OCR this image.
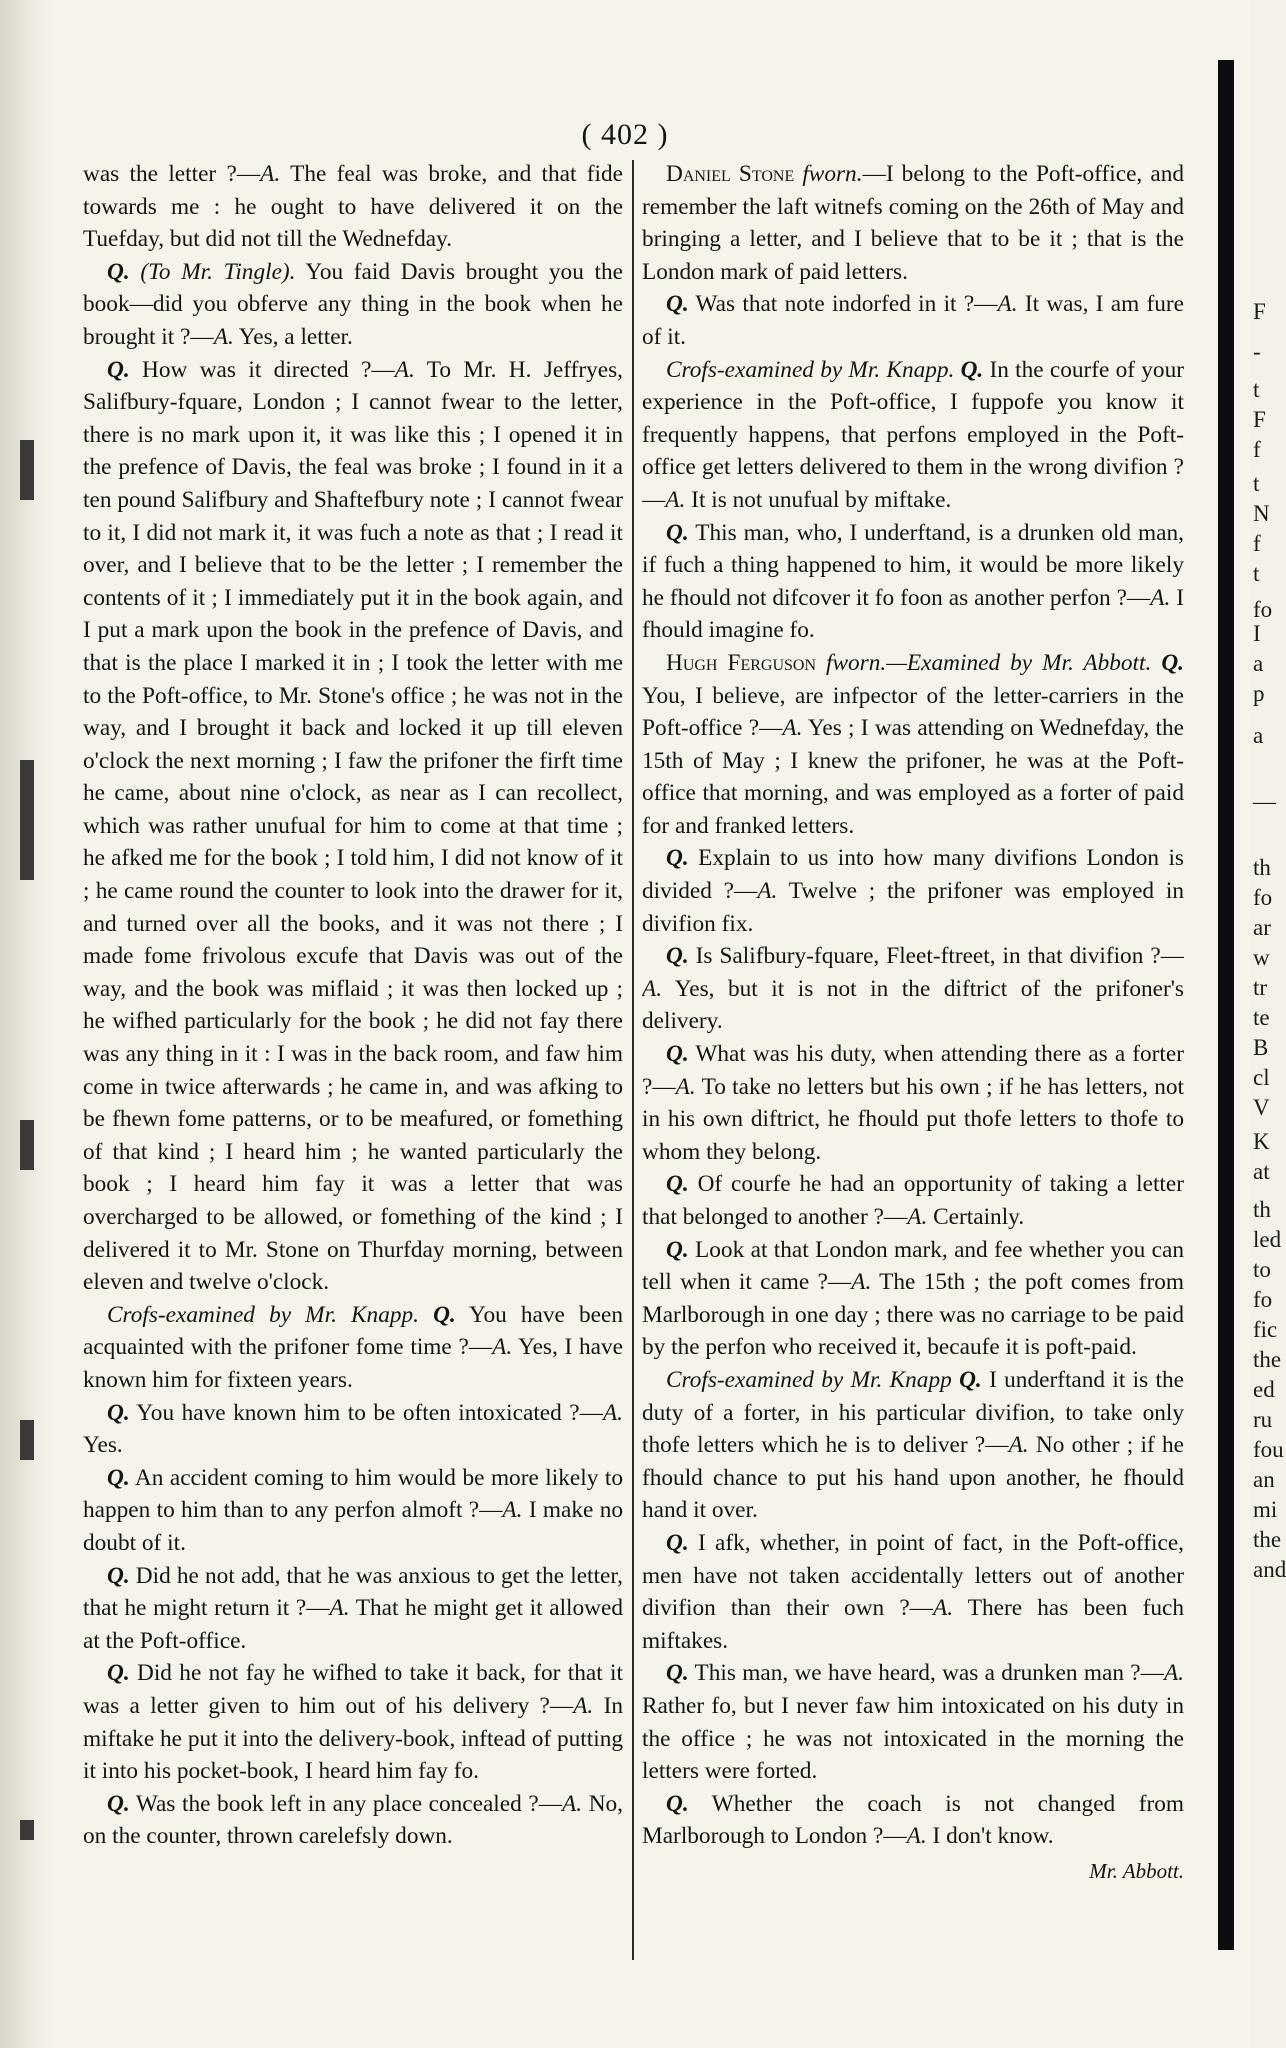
( 402 )

was the letter ?—A. The feal was broke, and that fide towards me : he ought to have delivered it on the Tuefday, but did not till the Wednefday.

Q. (To Mr. Tingle). You faid Davis brought you the book—did you obferve any thing in the book when he brought it ?—A. Yes, a letter.

Q. How was it directed ?—A. To Mr. H. Jeffryes, Salifbury-fquare, London ; I cannot fwear to the letter, there is no mark upon it, it was like this ; I opened it in the prefence of Davis, the feal was broke ; I found in it a ten pound Salifbury and Shaftefbury note ; I cannot fwear to it, I did not mark it, it was fuch a note as that ; I read it over, and I believe that to be the letter ; I remember the contents of it ; I immediately put it in the book again, and I put a mark upon the book in the prefence of Davis, and that is the place I marked it in ; I took the letter with me to the Poft-office, to Mr. Stone's office ; he was not in the way, and I brought it back and locked it up till eleven o'clock the next morning ; I faw the prifoner the firft time he came, about nine o'clock, as near as I can recollect, which was rather unufual for him to come at that time ; he afked me for the book ; I told him, I did not know of it ; he came round the counter to look into the drawer for it, and turned over all the books, and it was not there ; I made fome frivolous excufe that Davis was out of the way, and the book was miflaid ; it was then locked up ; he wifhed particularly for the book ; he did not fay there was any thing in it : I was in the back room, and faw him come in twice afterwards ; he came in, and was afking to be fhewn fome patterns, or to be meafured, or fomething of that kind ; I heard him ; he wanted particularly the book ; I heard him fay it was a letter that was overcharged to be allowed, or fomething of the kind ; I delivered it to Mr. Stone on Thurfday morning, between eleven and twelve o'clock.

Crofs-examined by Mr. Knapp. Q. You have been acquainted with the prifoner fome time ?—A. Yes, I have known him for fixteen years.

Q. You have known him to be often intoxicated ?—A. Yes.

Q. An accident coming to him would be more likely to happen to him than to any perfon almoft ?—A. I make no doubt of it.

Q. Did he not add, that he was anxious to get the letter, that he might return it ?—A. That he might get it allowed at the Poft-office.

Q. Did he not fay he wifhed to take it back, for that it was a letter given to him out of his delivery ?—A. In miftake he put it into the delivery-book, inftead of putting it into his pocket-book, I heard him fay fo.

Q. Was the book left in any place concealed ?—A. No, on the counter, thrown carelefsly down.

Daniel Stone fworn.—I belong to the Poft-office, and remember the laft witnefs coming on the 26th of May and bringing a letter, and I believe that to be it ; that is the London mark of paid letters.

Q. Was that note indorfed in it ?—A. It was, I am fure of it.

Crofs-examined by Mr. Knapp. Q. In the courfe of your experience in the Poft-office, I fuppofe you know it frequently happens, that perfons employed in the Poft-office get letters delivered to them in the wrong divifion ?—A. It is not unufual by miftake.

Q. This man, who, I underftand, is a drunken old man, if fuch a thing happened to him, it would be more likely he fhould not difcover it fo foon as another perfon ?—A. I fhould imagine fo.

Hugh Ferguson fworn.—Examined by Mr. Abbott. Q. You, I believe, are infpector of the letter-carriers in the Poft-office ?—A. Yes ; I was attending on Wednefday, the 15th of May ; I knew the prifoner, he was at the Poft-office that morning, and was employed as a forter of paid for and franked letters.

Q. Explain to us into how many divifions London is divided ?—A. Twelve ; the prifoner was employed in divifion fix.

Q. Is Salifbury-fquare, Fleet-ftreet, in that divifion ?—A. Yes, but it is not in the diftrict of the prifoner's delivery.

Q. What was his duty, when attending there as a forter ?—A. To take no letters but his own ; if he has letters, not in his own diftrict, he fhould put thofe letters to thofe to whom they belong.

Q. Of courfe he had an opportunity of taking a letter that belonged to another ?—A. Certainly.

Q. Look at that London mark, and fee whether you can tell when it came ?—A. The 15th ; the poft comes from Marlborough in one day ; there was no carriage to be paid by the perfon who received it, becaufe it is poft-paid.

Crofs-examined by Mr. Knapp Q. I underftand it is the duty of a forter, in his particular divifion, to take only thofe letters which he is to deliver ?—A. No other ; if he fhould chance to put his hand upon another, he fhould hand it over.

Q. I afk, whether, in point of fact, in the Poft-office, men have not taken accidentally letters out of another divifion than their own ?—A. There has been fuch miftakes.

Q. This man, we have heard, was a drunken man ?—A. Rather fo, but I never faw him intoxicated on his duty in the office ; he was not intoxicated in the morning the letters were forted.

Q. Whether the coach is not changed from Marlborough to London ?—A. I don't know.

Mr. Abbott.
F
-
t
F
f
t
N
f
t
fo
I
a
p
a
—
th
fo
ar
w
tr
te
B
cl
V
K
at
th
led
to
fo
fic
the
ed
ru
fou
an
mi
the
and
